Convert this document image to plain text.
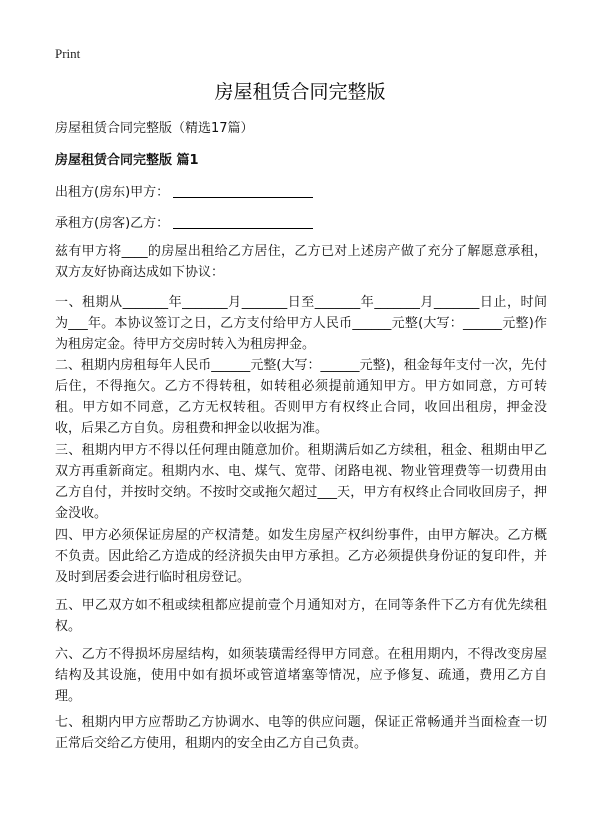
Print
房屋租赁合同完整版
房屋租赁合同完整版（精选17篇）
房屋租赁合同完整版 篇1
出租方(房东)甲方：
承租方(房客)乙方：
兹有甲方将____的房屋出租给乙方居住，乙方已对上述房产做了充分了解愿意承租，双方友好协商达成如下协议：
一、租期从_______年_______月_______日至_______年_______月_______日止，时间为___年。本协议签订之日，乙方支付给甲方人民币______元整(大写：______元整)作为租房定金。待甲方交房时转入为租房押金。
二、租期内房租每年人民币______元整(大写：______元整)，租金每年支付一次，先付后住，不得拖欠。乙方不得转租，如转租必须提前通知甲方。甲方如同意，方可转租。甲方如不同意，乙方无权转租。否则甲方有权终止合同，收回出租房，押金没收，后果乙方自负。房租费和押金以收据为准。
三、租期内甲方不得以任何理由随意加价。租期满后如乙方续租，租金、租期由甲乙双方再重新商定。租期内水、电、煤气、宽带、闭路电视、物业管理费等一切费用由乙方自付，并按时交纳。不按时交或拖欠超过___天，甲方有权终止合同收回房子，押金没收。
四、甲方必须保证房屋的产权清楚。如发生房屋产权纠纷事件，由甲方解决。乙方概不负责。因此给乙方造成的经济损失由甲方承担。乙方必须提供身份证的复印件，并及时到居委会进行临时租房登记。
五、甲乙双方如不租或续租都应提前壹个月通知对方，在同等条件下乙方有优先续租权。
六、乙方不得损坏房屋结构，如须装璜需经得甲方同意。在租用期内，不得改变房屋结构及其设施，使用中如有损坏或管道堵塞等情况，应予修复、疏通，费用乙方自理。
七、租期内甲方应帮助乙方协调水、电等的供应问题，保证正常畅通并当面检查一切正常后交给乙方使用，租期内的安全由乙方自己负责。
